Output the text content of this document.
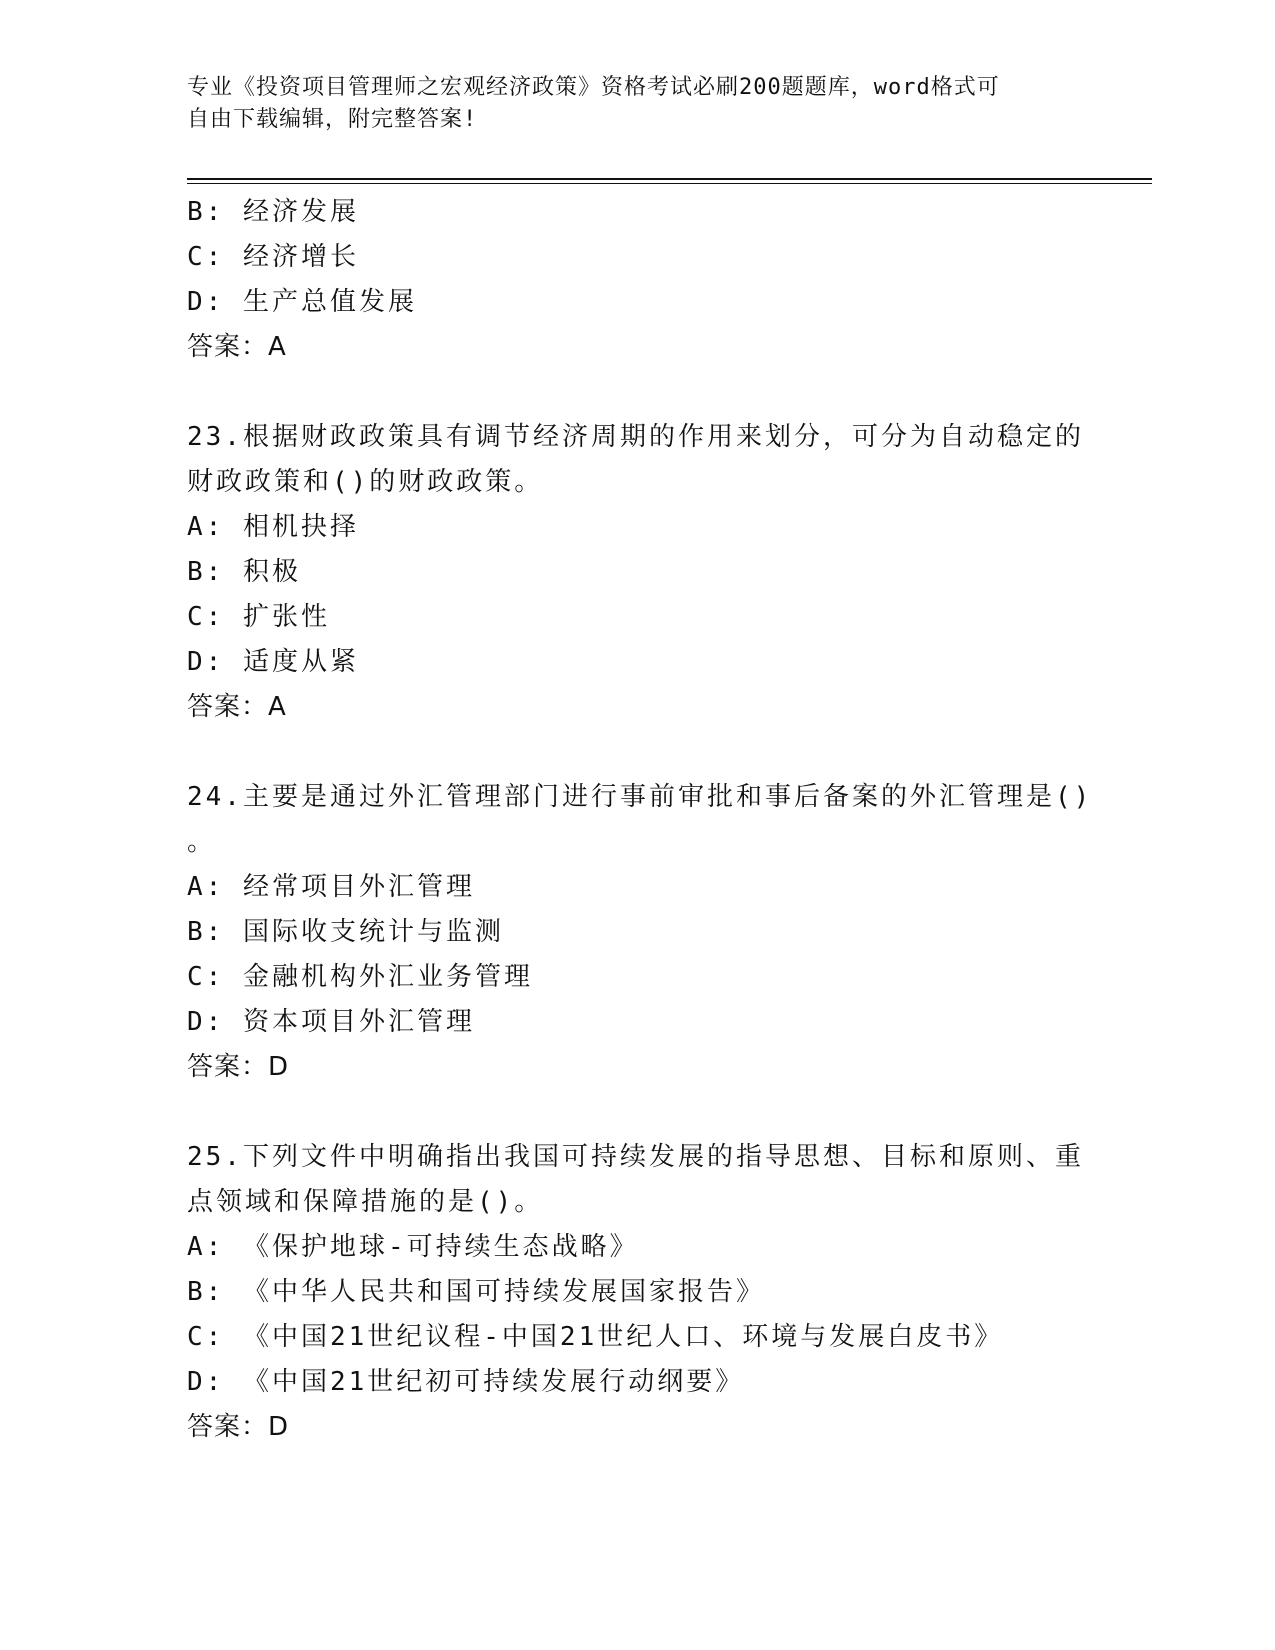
专业《投资项目管理师之宏观经济政策》资格考试必刷200题题库，word格式可
自由下载编辑，附完整答案!
B: 经济发展
C: 经济增长
D: 生产总值发展
答案：A
23.根据财政政策具有调节经济周期的作用来划分，可分为自动稳定的
财政政策和()的财政政策。
A: 相机抉择
B: 积极
C: 扩张性
D: 适度从紧
答案：A
24.主要是通过外汇管理部门进行事前审批和事后备案的外汇管理是()
。
A: 经常项目外汇管理
B: 国际收支统计与监测
C: 金融机构外汇业务管理
D: 资本项目外汇管理
答案：D
25.下列文件中明确指出我国可持续发展的指导思想、目标和原则、重
点领域和保障措施的是()。
A: 《保护地球-可持续生态战略》
B: 《中华人民共和国可持续发展国家报告》
C: 《中国21世纪议程-中国21世纪人口、环境与发展白皮书》
D: 《中国21世纪初可持续发展行动纲要》
答案：D
